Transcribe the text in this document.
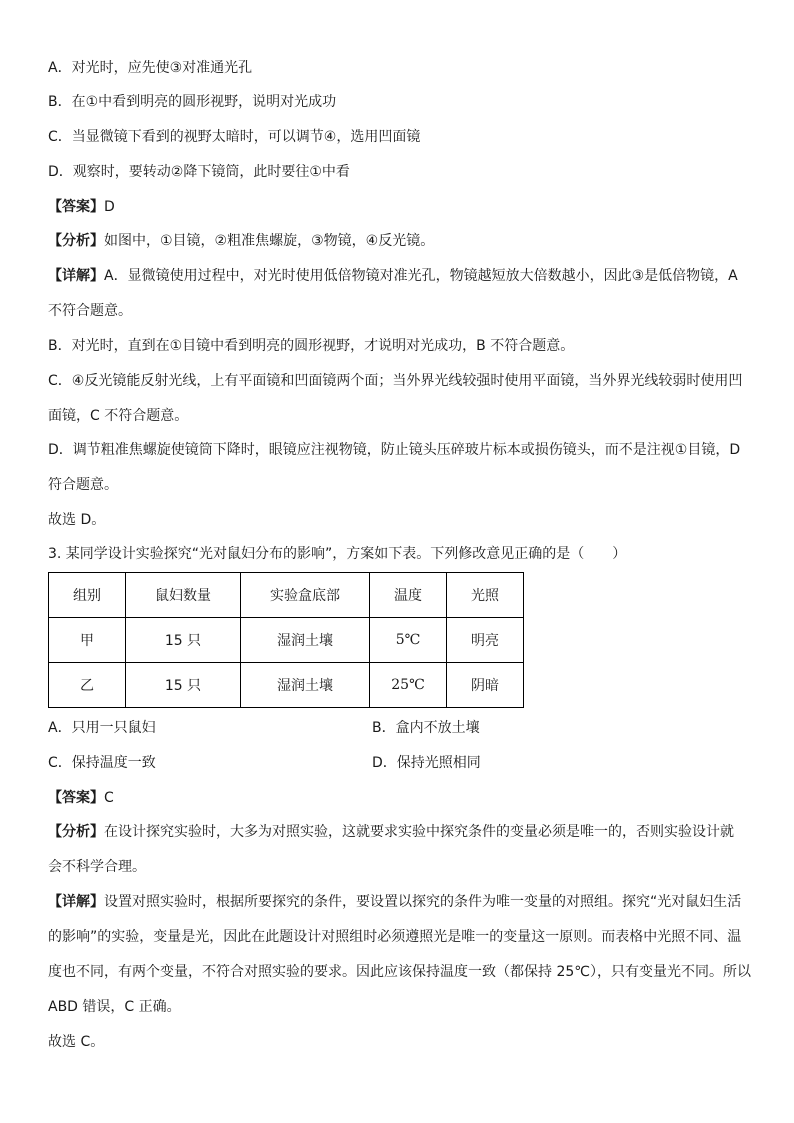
A．对光时，应先使③对准通光孔
B．在①中看到明亮的圆形视野，说明对光成功
C．当显微镜下看到的视野太暗时，可以调节④，选用凹面镜
D．观察时，要转动②降下镜筒，此时要往①中看
【答案】D
【分析】如图中，①目镜，②粗准焦螺旋，③物镜，④反光镜。
【详解】A．显微镜使用过程中，对光时使用低倍物镜对准光孔，物镜越短放大倍数越小，因此③是低倍物镜，A
不符合题意。
B．对光时，直到在①目镜中看到明亮的圆形视野，才说明对光成功，B 不符合题意。
C．④反光镜能反射光线，上有平面镜和凹面镜两个面；当外界光线较强时使用平面镜，当外界光线较弱时使用凹
面镜，C 不符合题意。
D．调节粗准焦螺旋使镜筒下降时，眼镜应注视物镜，防止镜头压碎玻片标本或损伤镜头，而不是注视①目镜，D
符合题意。
故选 D。
3. 某同学设计实验探究“光对鼠妇分布的影响”，方案如下表。下列修改意见正确的是（　　）
组别	鼠妇数量	实验盒底部	温度	光照
甲	15 只	湿润土壤	5℃	明亮
乙	15 只	湿润土壤	25℃	阴暗
A．只用一只鼠妇	B．盒内不放土壤
C．保持温度一致	D．保持光照相同
【答案】C
【分析】在设计探究实验时，大多为对照实验，这就要求实验中探究条件的变量必须是唯一的，否则实验设计就
会不科学合理。
【详解】设置对照实验时，根据所要探究的条件，要设置以探究的条件为唯一变量的对照组。探究“光对鼠妇生活
的影响”的实验，变量是光，因此在此题设计对照组时必须遵照光是唯一的变量这一原则。而表格中光照不同、温
度也不同，有两个变量，不符合对照实验的要求。因此应该保持温度一致（都保持 25℃），只有变量光不同。所以
ABD 错误，C 正确。
故选 C。
